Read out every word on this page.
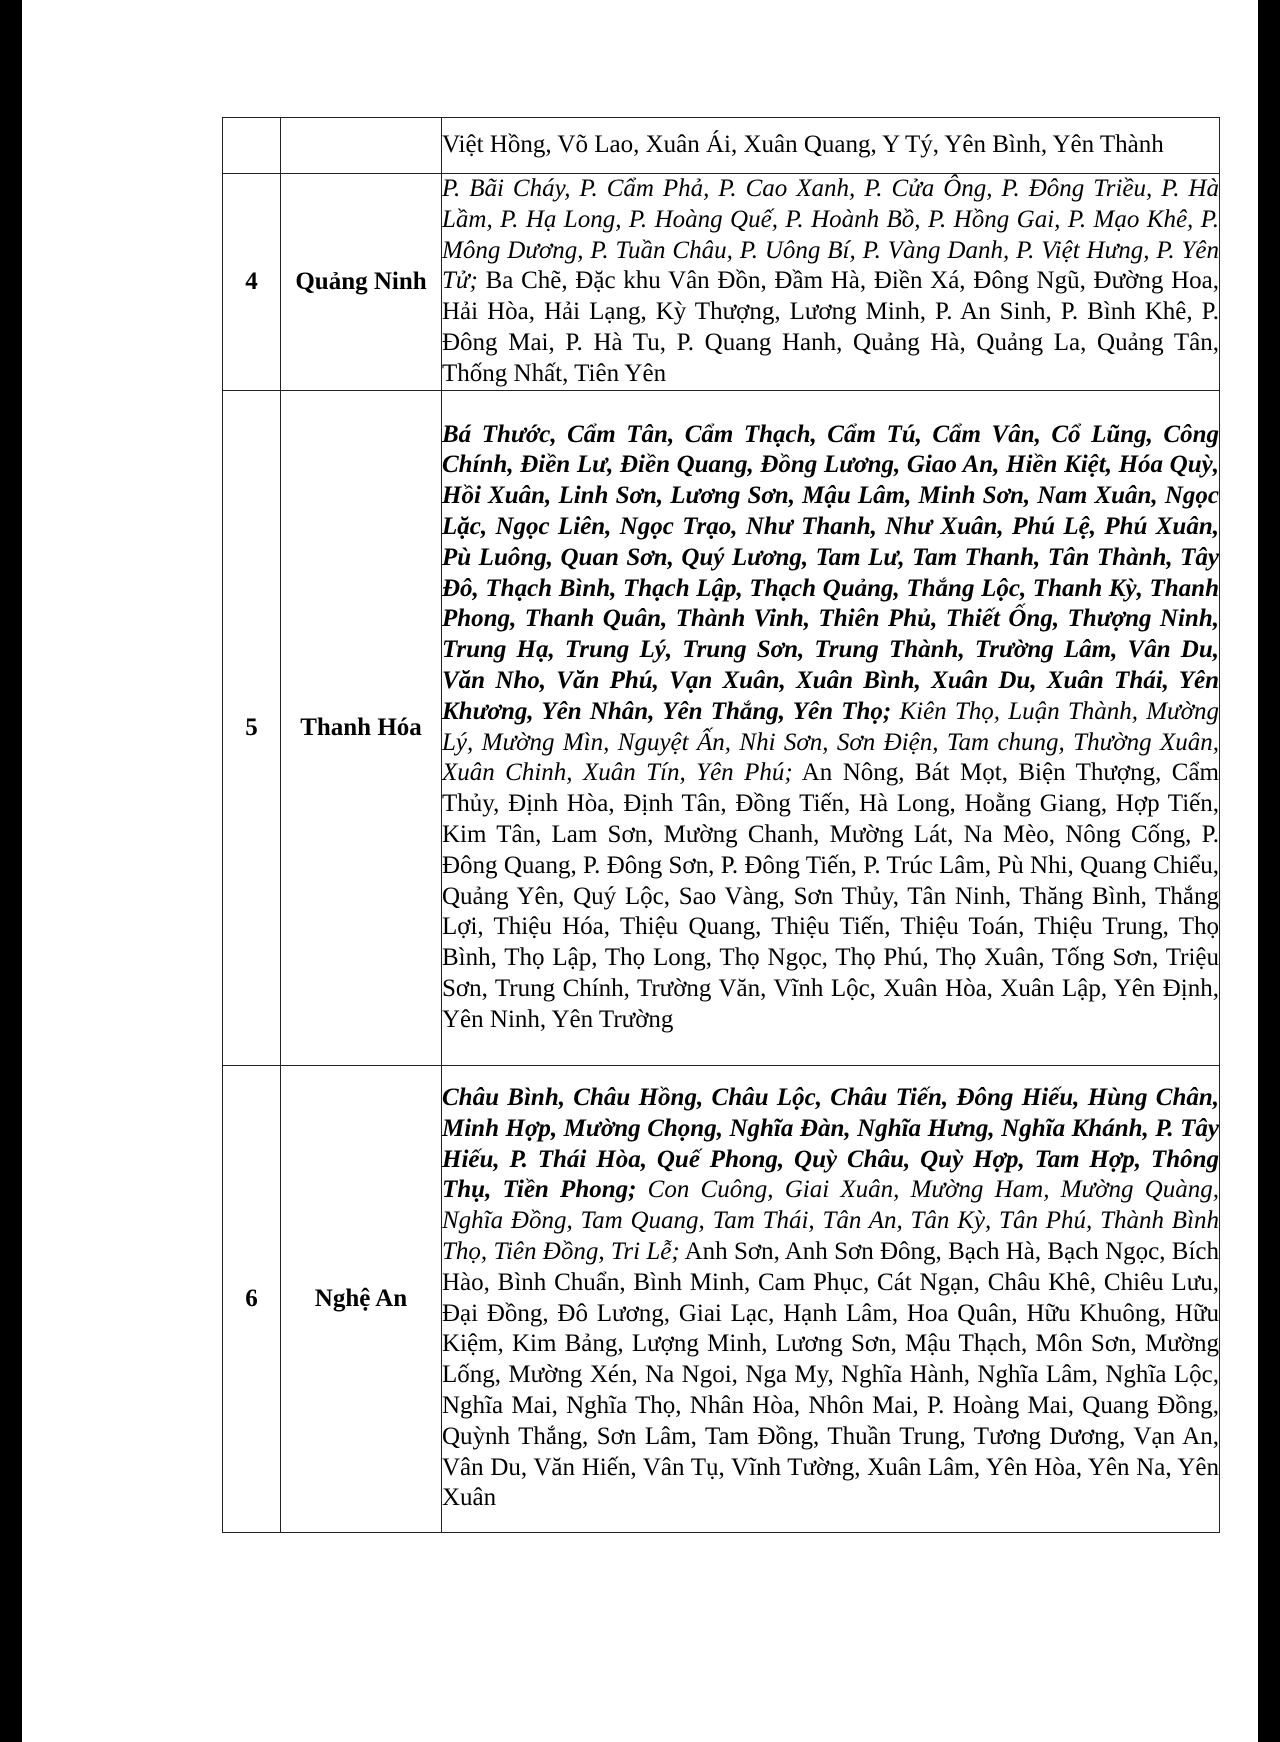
		Việt Hồng, Võ Lao, Xuân Ái, Xuân Quang, Y Tý, Yên Bình, Yên Thành
4	Quảng Ninh	P. Bãi Cháy, P. Cẩm Phả, P. Cao Xanh, P. Cửa Ông, P. Đông Triều, P. Hà Lầm, P. Hạ Long, P. Hoàng Quế, P. Hoành Bồ, P. Hồng Gai, P. Mạo Khê, P. Mông Dương, P. Tuần Châu, P. Uông Bí, P. Vàng Danh, P. Việt Hưng, P. Yên Tử; Ba Chẽ, Đặc khu Vân Đồn, Đầm Hà, Điền Xá, Đông Ngũ, Đường Hoa, Hải Hòa, Hải Lạng, Kỳ Thượng, Lương Minh, P. An Sinh, P. Bình Khê, P. Đông Mai, P. Hà Tu, P. Quang Hanh, Quảng Hà, Quảng La, Quảng Tân, Thống Nhất, Tiên Yên
5	Thanh Hóa	Bá Thước, Cẩm Tân, Cẩm Thạch, Cẩm Tú, Cẩm Vân, Cổ Lũng, Công Chính, Điền Lư, Điền Quang, Đồng Lương, Giao An, Hiền Kiệt, Hóa Quỳ, Hồi Xuân, Linh Sơn, Lương Sơn, Mậu Lâm, Minh Sơn, Nam Xuân, Ngọc Lặc, Ngọc Liên, Ngọc Trạo, Như Thanh, Như Xuân, Phú Lệ, Phú Xuân, Pù Luông, Quan Sơn, Quý Lương, Tam Lư, Tam Thanh, Tân Thành, Tây Đô, Thạch Bình, Thạch Lập, Thạch Quảng, Thắng Lộc, Thanh Kỳ, Thanh Phong, Thanh Quân, Thành Vinh, Thiên Phủ, Thiết Ống, Thượng Ninh, Trung Hạ, Trung Lý, Trung Sơn, Trung Thành, Trường Lâm, Vân Du, Văn Nho, Văn Phú, Vạn Xuân, Xuân Bình, Xuân Du, Xuân Thái, Yên Khương, Yên Nhân, Yên Thắng, Yên Thọ; Kiên Thọ, Luận Thành, Mường Lý, Mường Mìn, Nguyệt Ấn, Nhi Sơn, Sơn Điện, Tam chung, Thường Xuân, Xuân Chinh, Xuân Tín, Yên Phú; An Nông, Bát Mọt, Biện Thượng, Cẩm Thủy, Định Hòa, Định Tân, Đồng Tiến, Hà Long, Hoằng Giang, Hợp Tiến, Kim Tân, Lam Sơn, Mường Chanh, Mường Lát, Na Mèo, Nông Cống, P. Đông Quang, P. Đông Sơn, P. Đông Tiến, P. Trúc Lâm, Pù Nhi, Quang Chiểu, Quảng Yên, Quý Lộc, Sao Vàng, Sơn Thủy, Tân Ninh, Thăng Bình, Thắng Lợi, Thiệu Hóa, Thiệu Quang, Thiệu Tiến, Thiệu Toán, Thiệu Trung, Thọ Bình, Thọ Lập, Thọ Long, Thọ Ngọc, Thọ Phú, Thọ Xuân, Tống Sơn, Triệu Sơn, Trung Chính, Trường Văn, Vĩnh Lộc, Xuân Hòa, Xuân Lập, Yên Định, Yên Ninh, Yên Trường
6	Nghệ An	Châu Bình, Châu Hồng, Châu Lộc, Châu Tiến, Đông Hiếu, Hùng Chân, Minh Hợp, Mường Chọng, Nghĩa Đàn, Nghĩa Hưng, Nghĩa Khánh, P. Tây Hiếu, P. Thái Hòa, Quế Phong, Quỳ Châu, Quỳ Hợp, Tam Hợp, Thông Thụ, Tiền Phong; Con Cuông, Giai Xuân, Mường Ham, Mường Quàng, Nghĩa Đồng, Tam Quang, Tam Thái, Tân An, Tân Kỳ, Tân Phú, Thành Bình Thọ, Tiên Đồng, Tri Lễ; Anh Sơn, Anh Sơn Đông, Bạch Hà, Bạch Ngọc, Bích Hào, Bình Chuẩn, Bình Minh, Cam Phục, Cát Ngạn, Châu Khê, Chiêu Lưu, Đại Đồng, Đô Lương, Giai Lạc, Hạnh Lâm, Hoa Quân, Hữu Khuông, Hữu Kiệm, Kim Bảng, Lượng Minh, Lương Sơn, Mậu Thạch, Môn Sơn, Mường Lống, Mường Xén, Na Ngoi, Nga My, Nghĩa Hành, Nghĩa Lâm, Nghĩa Lộc, Nghĩa Mai, Nghĩa Thọ, Nhân Hòa, Nhôn Mai, P. Hoàng Mai, Quang Đồng, Quỳnh Thắng, Sơn Lâm, Tam Đồng, Thuần Trung, Tương Dương, Vạn An, Vân Du, Văn Hiến, Vân Tụ, Vĩnh Tường, Xuân Lâm, Yên Hòa, Yên Na, Yên Xuân
